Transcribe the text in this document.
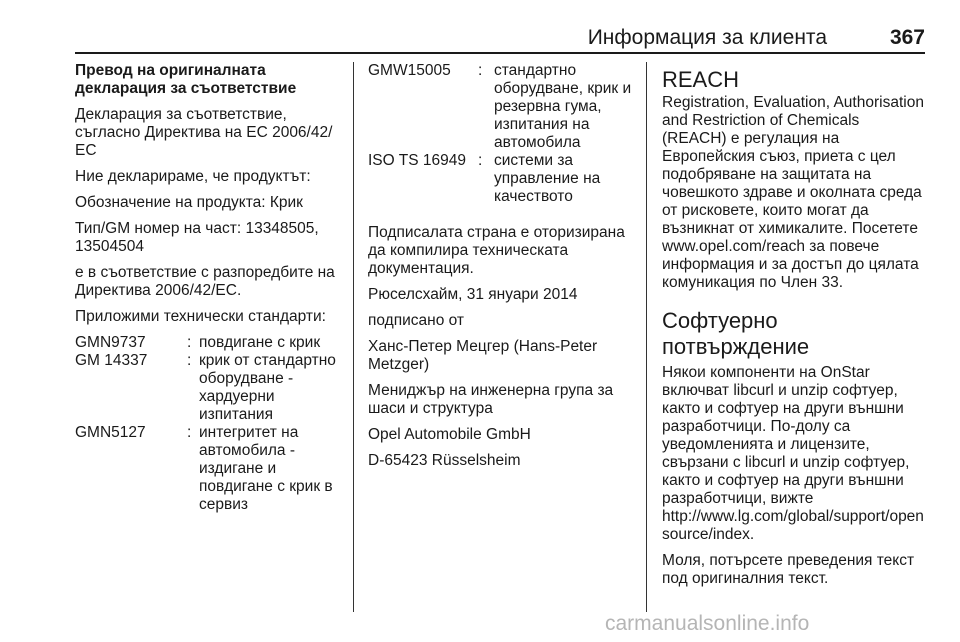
Информация за клиента	367

Превод на оригиналната декларация за съответствие

Декларация за съответствие, съгласно Директива на ЕС 2006/42/ЕС

Ние декларираме, че продуктът:

Обозначение на продукта: Крик

Тип/GM номер на част: 13348505, 13504504

е в съответствие с разпоредбите на Директива 2006/42/ЕС.

Приложими технически стандарти:

GMN9737	: повдигане с крик
GM 14337	: крик от стандартно оборудване - хардуерни изпитания
GMN5127	: интегритет на автомобила - издигане и повдигане с крик в сервиз
GMW15005	: стандартно оборудване, крик и резервна гума, изпитания на автомобила
ISO TS 16949 : системи за управление на качеството

Подписалата страна е оторизирана да компилира техническата документация.

Рюселсхайм, 31 януари 2014

подписано от

Ханс-Петер Мецгер (Hans-Peter Metzger)

Мениджър на инженерна група за шаси и структура

Opel Automobile GmbH

D-65423 Rüsselsheim

REACH

Registration, Evaluation, Authorisation and Restriction of Chemicals (REACH) е регулация на Европейския съюз, приета с цел подобряване на защитата на човешкото здраве и околната среда от рисковете, които могат да възникнат от химикалите. Посетете www.opel.com/reach за повече информация и за достъп до цялата комуникация по Член 33.

Софтуерно потвърждение

Някои компоненти на OnStar включват libcurl и unzip софтуер, както и софтуер на други външни разработчици. По-долу са уведомленията и лицензите, свързани с libcurl и unzip софтуер, както и софтуер на други външни разработчици, вижте http://www.lg.com/global/support/opensource/index.

Моля, потърсете преведения текст под оригиналния текст.

carmanualsonline.info
